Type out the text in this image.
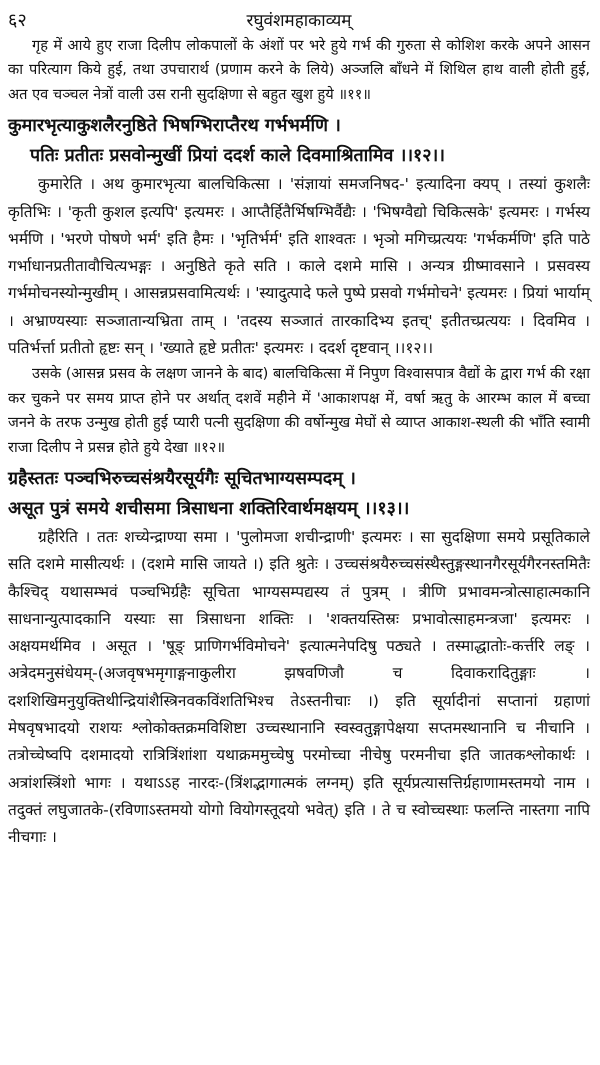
६२	रघुवंशमहाकाव्यम्

गृह में आये हुए राजा दिलीप लोकपालों के अंशों पर भरे हुये गर्भ की गुरुता से कोशिश करके अपने आसन का परित्याग किये हुई, तथा उपचारार्थ (प्रणाम करने के लिये) अञ्जलि बाँधने में शिथिल हाथ वाली होती हुई, अत एव चञ्चल नेत्रों वाली उस रानी सुदक्षिणा से बहुत खुश हुये ॥११॥

कुमारभृत्याकुशलैरनुष्ठिते भिषग्भिराप्तैरथ गर्भभर्मणि ।
पतिः प्रतीतः प्रसवोन्मुखीं प्रियां ददर्श काले दिवमाश्रितामिव ।।१२।।

कुमारेति । अथ कुमारभृत्या बालचिकित्सा । 'संज्ञायां समजनिषद-' इत्यादिना क्यप् । तस्यां कुशलैः कृतिभिः । 'कृती कुशल इत्यपि' इत्यमरः । आप्तैर्हितैर्भिषग्भिर्वैद्यैः । 'भिषग्वैद्यो चिकित्सके' इत्यमरः । गर्भस्य भर्मणि । 'भरणे पोषणे भर्म' इति हैमः । 'भृतिर्भर्म' इति शाश्वतः । भृञो मगिच्प्रत्ययः 'गर्भकर्मणि' इति पाठे गर्भाधानप्रतीतावौचित्यभङ्गः । अनुष्ठिते कृते सति । काले दशमे मासि । अन्यत्र ग्रीष्मावसाने । प्रसवस्य गर्भमोचनस्योन्मुखीम् । आसन्नप्रसवामित्यर्थः । 'स्यादुत्पादे फले पुष्पे प्रसवो गर्भमोचने' इत्यमरः । प्रियां भार्याम् । अभ्राण्यस्याः सञ्जातान्यभ्रिता ताम् । 'तदस्य सञ्जातं तारकादिभ्य इतच्' इतीतच्प्रत्ययः । दिवमिव । पतिर्भर्त्ता प्रतीतो हृष्टः सन् । 'ख्याते हृष्टे प्रतीतः' इत्यमरः । ददर्श दृष्टवान् ।।१२।।

उसके (आसन्न प्रसव के लक्षण जानने के बाद) बालचिकित्सा में निपुण विश्वासपात्र वैद्यों के द्वारा गर्भ की रक्षा कर चुकने पर समय प्राप्त होने पर अर्थात् दशवें महीने में 'आकाशपक्ष में, वर्षा ऋतु के आरम्भ काल में बच्चा जनने के तरफ उन्मुख होती हुई प्यारी पत्नी सुदक्षिणा की वर्षोन्मुख मेघों से व्याप्त आकाश-स्थली की भाँति स्वामी राजा दिलीप ने प्रसन्न होते हुये देखा ॥१२॥

ग्रहैस्ततः पञ्चभिरुच्चसंश्रयैरसूर्यगैः सूचितभाग्यसम्पदम् ।
असूत पुत्रं समये शचीसमा त्रिसाधना शक्तिरिवार्थमक्षयम् ।।१३।।

ग्रहैरिति । ततः शच्येन्द्राण्या समा । 'पुलोमजा शचीन्द्राणी' इत्यमरः । सा सुदक्षिणा समये प्रसूतिकाले सति दशमे मासीत्यर्थः । (दशमे मासि जायते ।) इति श्रुतेः । उच्चसंश्रयैरुच्चसंस्थैस्तुङ्गस्थानगैरसूर्यगैरनस्तमितैः कैश्चिद् यथासम्भवं पञ्चभिर्ग्रहैः सूचिता भाग्यसम्पद्यस्य तं पुत्रम् । त्रीणि प्रभावमन्त्रोत्साहात्मकानि साधनान्युत्पादकानि यस्याः सा त्रिसाधना शक्तिः । 'शक्तयस्तिस्रः प्रभावोत्साहमन्त्रजा' इत्यमरः । अक्षयमर्थमिव । असूत । 'षूङ् प्राणिगर्भविमोचने' इत्यात्मनेपदिषु पठ्यते । तस्माद्धातोः-कर्त्तरि लङ् । अत्रेदमनुसंधेयम्-(अजवृषभमृगाङ्गनाकुलीरा झषवणिजौ च दिवाकरादितुङ्गाः । दशशिखिमनुयुक्तिथीन्द्रियांशैस्त्रिनवकविंशतिभिश्च तेऽस्तनीचाः ।) इति सूर्यादीनां सप्तानां ग्रहाणां मेषवृषभादयो राशयः श्लोकोक्तक्रमविशिष्टा उच्चस्थानानि स्वस्वतुङ्गापेक्षया सप्तमस्थानानि च नीचानि । तत्रोच्चेष्वपि दशमादयो रात्रित्रिंशांशा यथाक्रममुच्चेषु परमोच्चा नीचेषु परमनीचा इति जातकश्लोकार्थः । अत्रांशस्त्रिंशो भागः । यथाऽऽह नारदः-(त्रिंशद्भागात्मकं लग्नम्) इति सूर्यप्रत्यासत्तिर्ग्रहाणामस्तमयो नाम । तदुक्तं लघुजातके-(रविणाऽस्तमयो योगो वियोगस्तूदयो भवेत्) इति । ते च स्वोच्चस्थाः फलन्ति नास्तगा नापि नीचगाः ।
